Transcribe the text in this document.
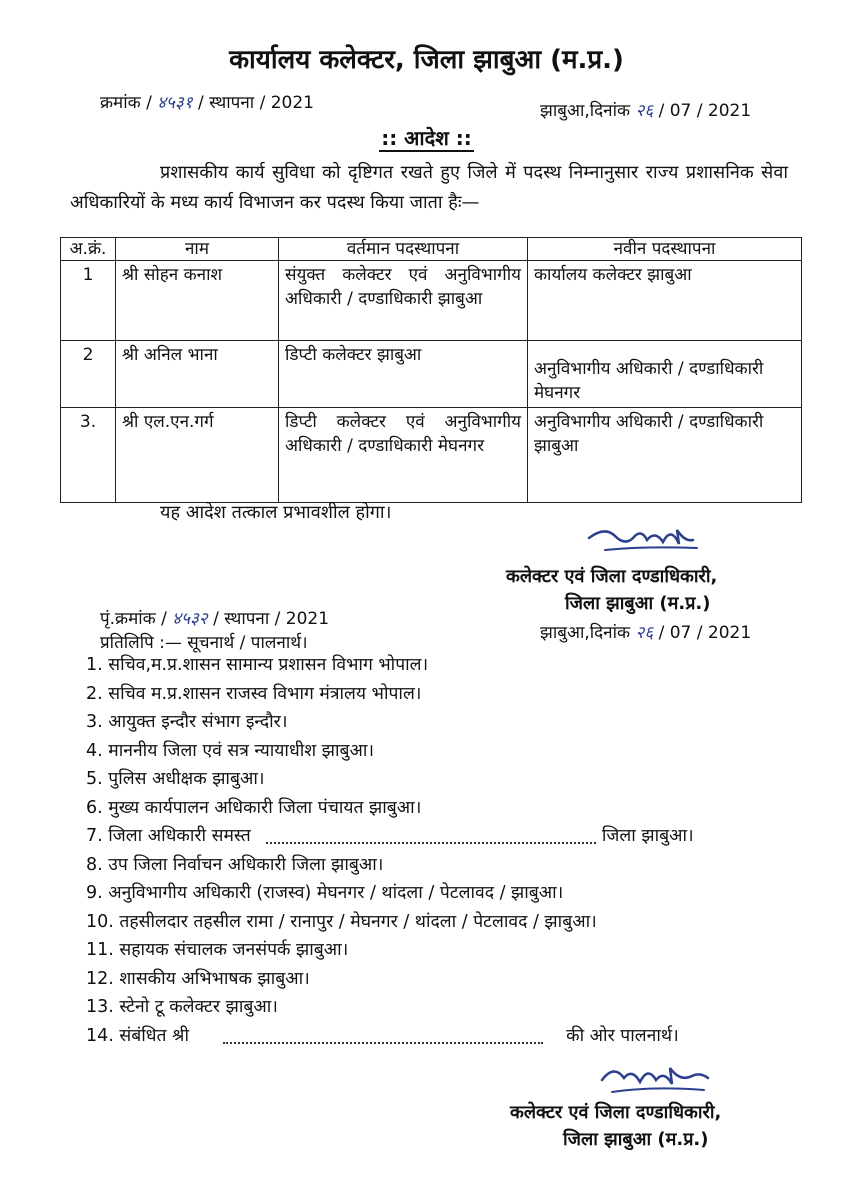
कार्यालय कलेक्टर, जिला झाबुआ (म.प्र.)
क्रमांक / ४५३१ / स्थापना / 2021	झाबुआ,दिनांक २६ / 07 / 2021
:: आदेश ::
प्रशासकीय कार्य सुविधा को दृष्टिगत रखते हुए जिले में पदस्थ निम्नानुसार राज्य प्रशासनिक सेवा अधिकारियों के मध्य कार्य विभाजन कर पदस्थ किया जाता हैः—
अ.क्रं.	नाम	वर्तमान पदस्थापना	नवीन पदस्थापना
1	श्री सोहन कनाश	संयुक्त कलेक्टर एवं अनुविभागीय अधिकारी / दण्डाधिकारी झाबुआ	कार्यालय कलेक्टर झाबुआ
2	श्री अनिल भाना	डिप्टी कलेक्टर झाबुआ	अनुविभागीय अधिकारी / दण्डाधिकारी मेघनगर
3.	श्री एल.एन.गर्ग	डिप्टी कलेक्टर एवं अनुविभागीय अधिकारी / दण्डाधिकारी मेघनगर	अनुविभागीय अधिकारी / दण्डाधिकारी झाबुआ
यह आदेश तत्काल प्रभावशील होगा।
कलेक्टर एवं जिला दण्डाधिकारी,
जिला झाबुआ (म.प्र.)
पृं.क्रमांक / ४५३२ / स्थापना / 2021
झाबुआ,दिनांक २६ / 07 / 2021
प्रतिलिपि :— सूचनार्थ / पालनार्थ।
1. सचिव,म.प्र.शासन सामान्य प्रशासन विभाग भोपाल।
2. सचिव म.प्र.शासन राजस्व विभाग मंत्रालय भोपाल।
3. आयुक्त इन्दौर संभाग इन्दौर।
4. माननीय जिला एवं सत्र न्यायाधीश झाबुआ।
5. पुलिस अधीक्षक झाबुआ।
6. मुख्य कार्यपालन अधिकारी जिला पंचायत झाबुआ।
7. जिला अधिकारी समस्त	जिला झाबुआ।
8. उप जिला निर्वाचन अधिकारी जिला झाबुआ।
9. अनुविभागीय अधिकारी (राजस्व) मेघनगर / थांदला / पेटलावद / झाबुआ।
10. तहसीलदार तहसील रामा / रानापुर / मेघनगर / थांदला / पेटलावद / झाबुआ।
11. सहायक संचालक जनसंपर्क झाबुआ।
12. शासकीय अभिभाषक झाबुआ।
13. स्टेनो टू कलेक्टर झाबुआ।
14. संबंधित श्री	की ओर पालनार्थ।
कलेक्टर एवं जिला दण्डाधिकारी,
जिला झाबुआ (म.प्र.)
